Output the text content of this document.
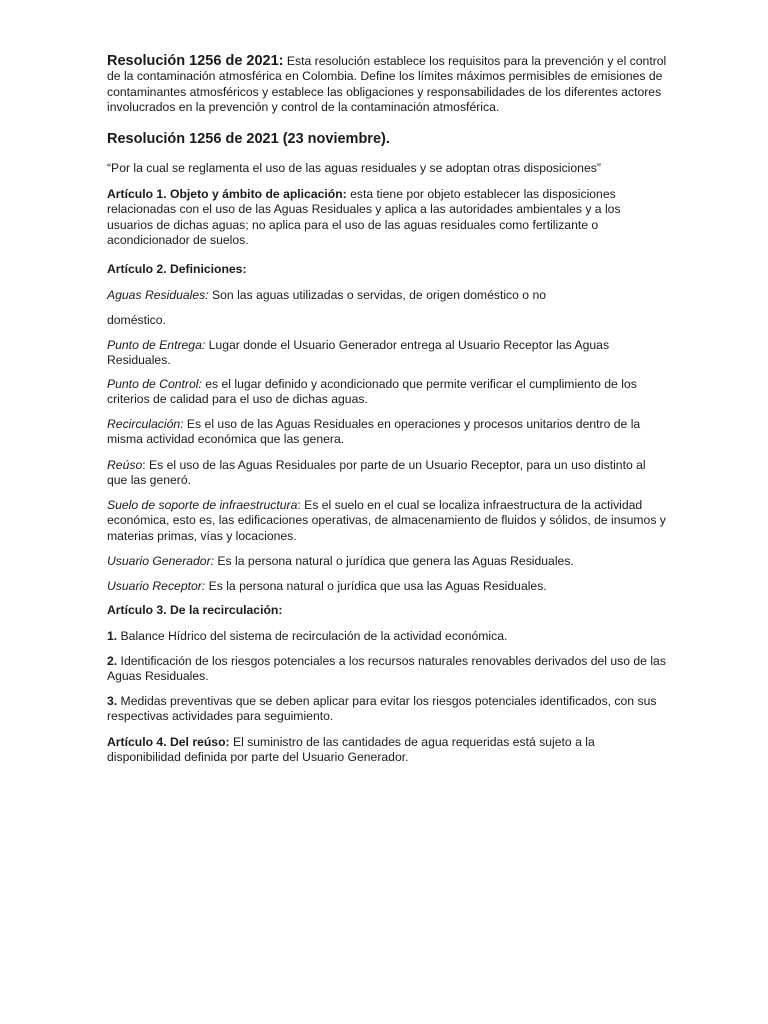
Resolución 1256 de 2021: Esta resolución establece los requisitos para la prevención y el control de la contaminación atmosférica en Colombia. Define los límites máximos permisibles de emisiones de contaminantes atmosféricos y establece las obligaciones y responsabilidades de los diferentes actores involucrados en la prevención y control de la contaminación atmosférica.

Resolución 1256 de 2021 (23 noviembre).

“Por la cual se reglamenta el uso de las aguas residuales y se adoptan otras disposiciones”

Artículo 1. Objeto y ámbito de aplicación: esta tiene por objeto establecer las disposiciones relacionadas con el uso de las Aguas Residuales y aplica a las autoridades ambientales y a los usuarios de dichas aguas; no aplica para el uso de las aguas residuales como fertilizante o acondicionador de suelos.

Artículo 2. Definiciones:

Aguas Residuales: Son las aguas utilizadas o servidas, de origen doméstico o no

doméstico.

Punto de Entrega: Lugar donde el Usuario Generador entrega al Usuario Receptor las Aguas Residuales.

Punto de Control: es el lugar definido y acondicionado que permite verificar el cumplimiento de los criterios de calidad para el uso de dichas aguas.

Recirculación: Es el uso de las Aguas Residuales en operaciones y procesos unitarios dentro de la misma actividad económica que las genera.

Reúso: Es el uso de las Aguas Residuales por parte de un Usuario Receptor, para un uso distinto al que las generó.

Suelo de soporte de infraestructura: Es el suelo en el cual se localiza infraestructura de la actividad económica, esto es, las edificaciones operativas, de almacenamiento de fluidos y sólidos, de insumos y materias primas, vías y locaciones.

Usuario Generador: Es la persona natural o jurídica que genera las Aguas Residuales.

Usuario Receptor: Es la persona natural o jurídica que usa las Aguas Residuales.

Artículo 3. De la recirculación:

1. Balance Hídrico del sistema de recirculación de la actividad económica.

2. Identificación de los riesgos potenciales a los recursos naturales renovables derivados del uso de las Aguas Residuales.

3. Medidas preventivas que se deben aplicar para evitar los riesgos potenciales identificados, con sus respectivas actividades para seguimiento.

Artículo 4. Del reúso: El suministro de las cantidades de agua requeridas está sujeto a la disponibilidad definida por parte del Usuario Generador.
